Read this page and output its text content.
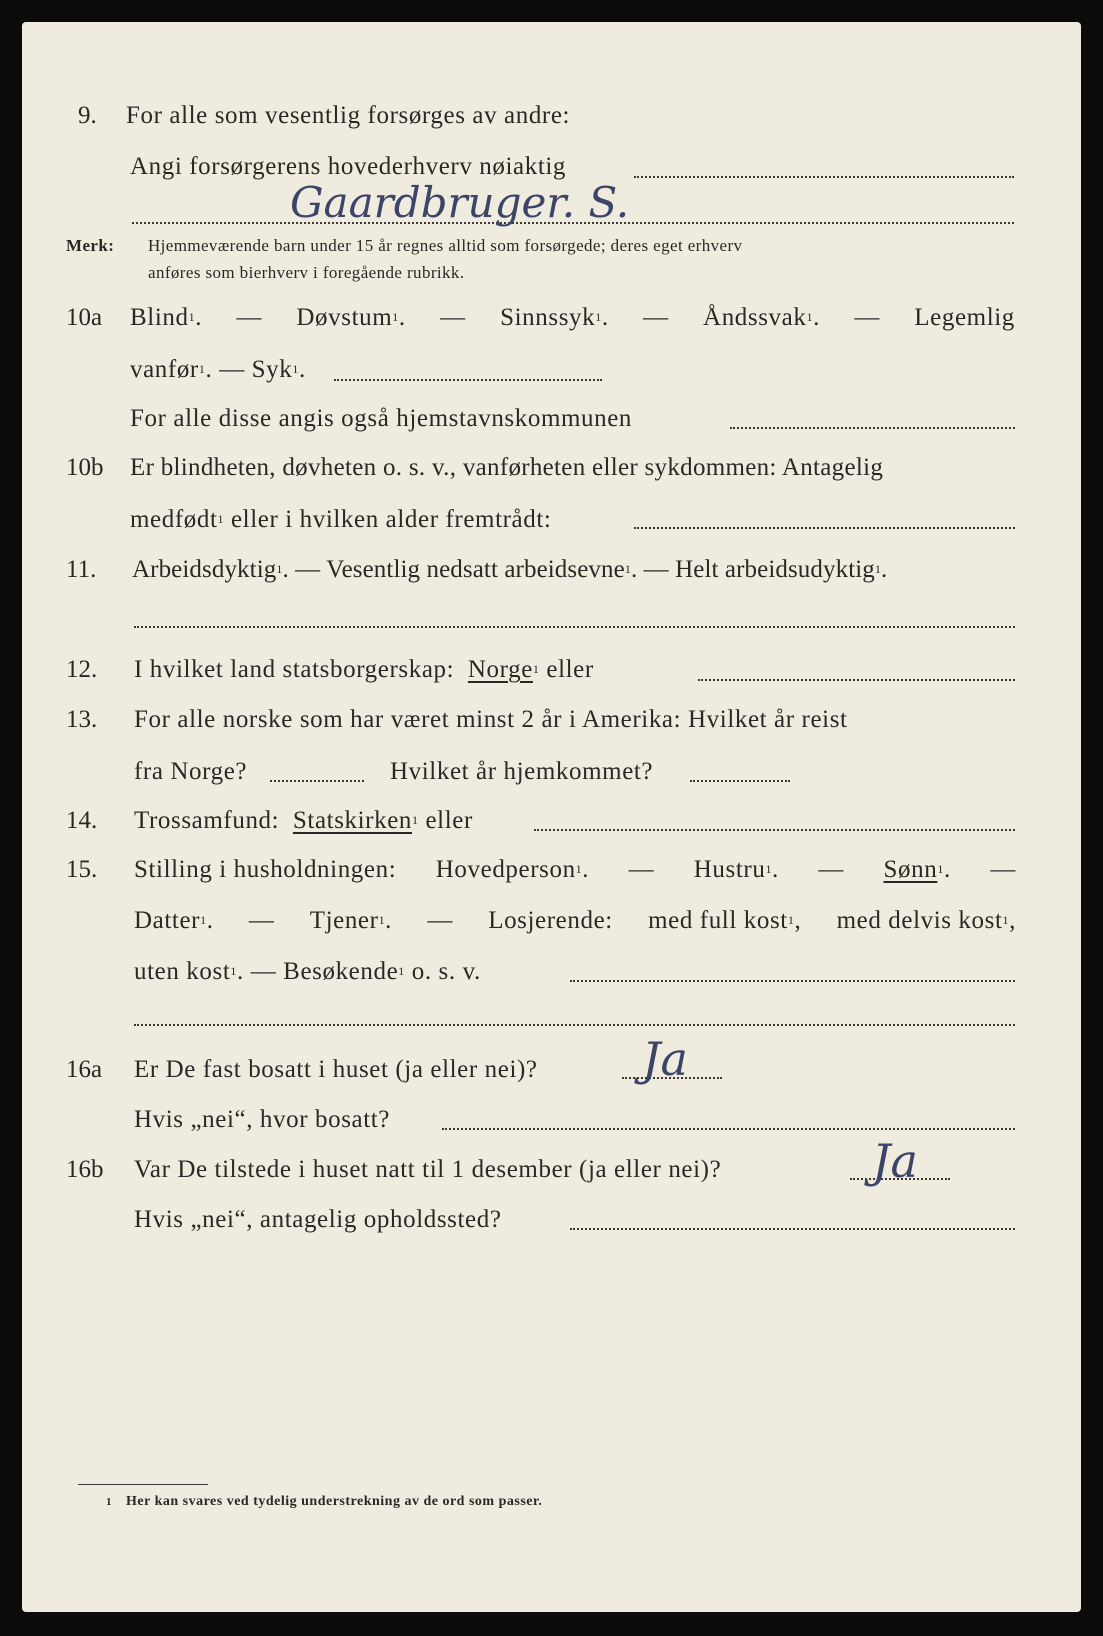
9. For alle som vesentlig forsørges av andre:
Angi forsørgerens hovederhverv nøiaktig
Gaardbruger. S.
Merk: Hjemmeværende barn under 15 år regnes alltid som forsørgede; deres eget erhverv
anføres som bierhverv i foregående rubrikk.
10a Blind$^1$. — Døvstum$^1$. — Sinnssyk$^1$. — Åndssvak$^1$. — Legemlig
vanfør$^1$. — Syk$^1$.
For alle disse angis også hjemstavnskommunen
10b Er blindheten, døvheten o. s. v., vanførheten eller sykdommen: Antagelig
medfødt$^1$ eller i hvilken alder fremtrådt:
11. Arbeidsdyktig$^1$. — Vesentlig nedsatt arbeidsevne$^1$. — Helt arbeidsudyktig$^1$.
12. I hvilket land statsborgerskap: Norge$^1$ eller
13. For alle norske som har været minst 2 år i Amerika: Hvilket år reist
fra Norge?	Hvilket år hjemkommet?
14. Trossamfund: Statskirken$^1$ eller
15. Stilling i husholdningen: Hovedperson$^1$. — Hustru$^1$. — Sønn$^1$. —
Datter$^1$. — Tjener$^1$. — Losjerende: med full kost$^1$, med delvis kost$^1$,
uten kost$^1$. — Besøkende$^1$ o. s. v.
16a Er De fast bosatt i huset (ja eller nei)? Ja
Hvis „nei“, hvor bosatt?
16b Var De tilstede i huset natt til 1 desember (ja eller nei)?	Ja
Hvis „nei“, antagelig opholdssted?
1 Her kan svares ved tydelig understrekning av de ord som passer.
